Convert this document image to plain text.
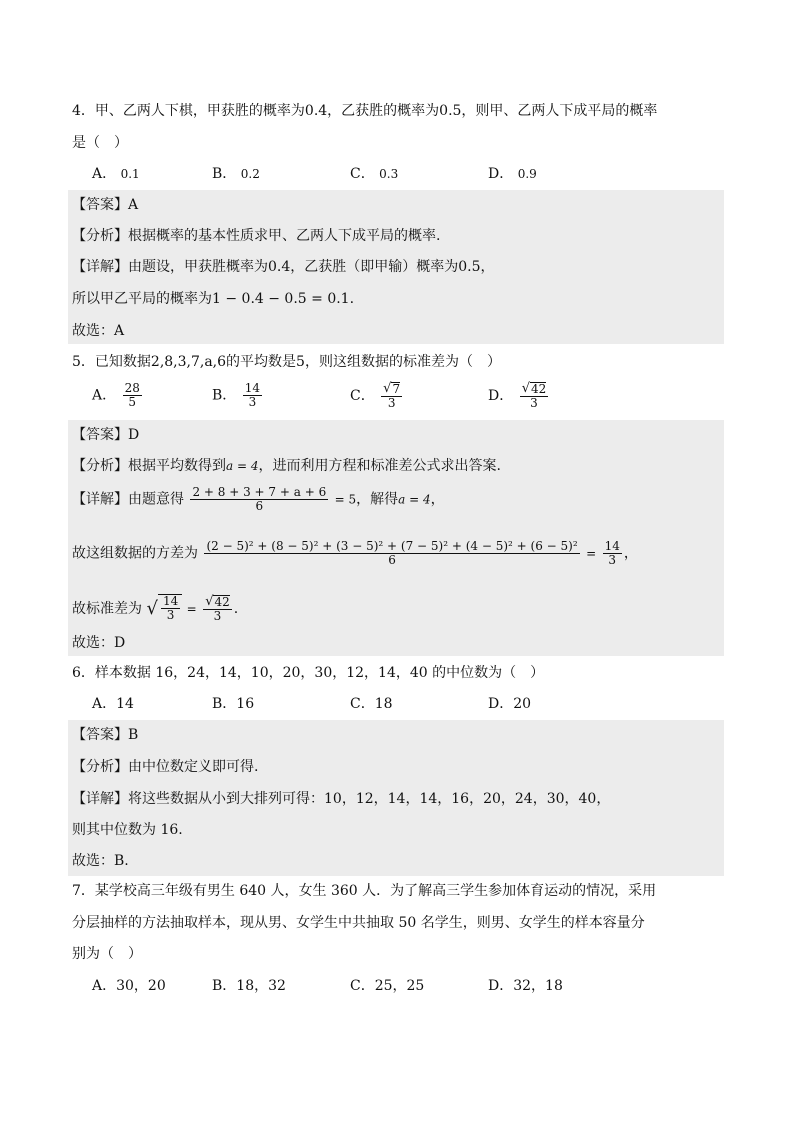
4．甲、乙两人下棋，甲获胜的概率为0.4，乙获胜的概率为0.5，则甲、乙两人下成平局的概率
是（　）
A． 0.1	B． 0.2	C． 0.3	D． 0.9
【答案】A
【分析】根据概率的基本性质求甲、乙两人下成平局的概率.
【详解】由题设，甲获胜概率为0.4，乙获胜（即甲输）概率为0.5，
所以甲乙平局的概率为1 − 0.4 − 0.5 = 0.1.
故选：A
5．已知数据2,8,3,7,a,6的平均数是5，则这组数据的标准差为（　）
A． $\frac{28}{5}$	B． $\frac{14}{3}$	C． $\frac{√ 7}{3}$	D． $\frac{√ 42}{3}$
【答案】D
【分析】根据平均数得到a = 4，进而利用方程和标准差公式求出答案.
【详解】由题意得 $\frac{2 + 8 + 3 + 7 + a + 6}{6} = 5$，解得a = 4，
故这组数据的方差为 (2 − 5)² + (8 − 5)² + (3 − 5)² + (7 − 5)² + (4 − 5)² + (6 − 5)²
6	= $\frac{14}{3}$ ，
故标准差为 √ $\frac{14}{3} = \frac{√ 42}{3}$ .
故选：D
6．样本数据 16，24，14，10，20，30，12，14，40 的中位数为（　）
A．14	B．16	C．18	D．20
【答案】B
【分析】由中位数定义即可得.
【详解】将这些数据从小到大排列可得：10，12，14，14，16，20，24，30，40，
则其中位数为 16.
故选：B.
7．某学校高三年级有男生 640 人，女生 360 人．为了解高三学生参加体育运动的情况，采用
分层抽样的方法抽取样本，现从男、女学生中共抽取 50 名学生，则男、女学生的样本容量分
别为（　）
A．30，20	B．18，32	C．25，25	D．32，18
